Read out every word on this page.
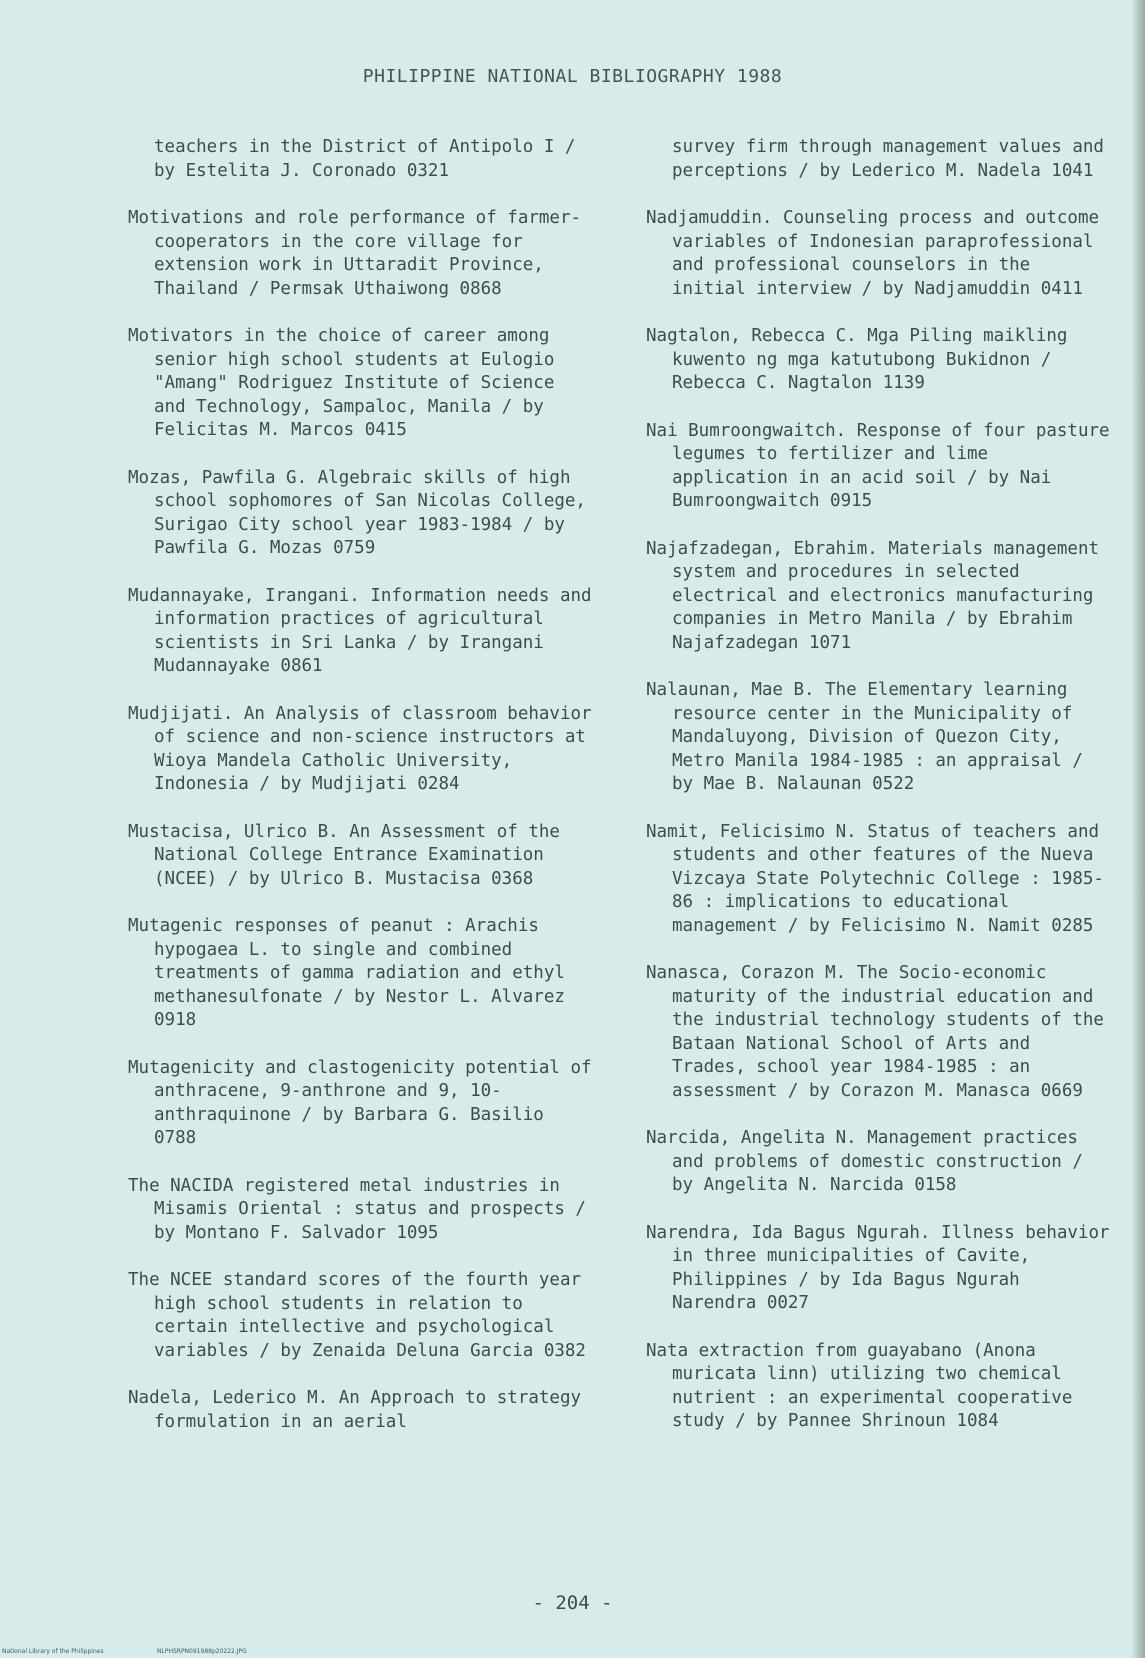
PHILIPPINE NATIONAL BIBLIOGRAPHY 1988
teachers in the District of Antipolo I / by Estelita J. Coronado 0321
Motivations and role performance of farmer-cooperators in the core village for extension work in Uttaradit Province, Thailand / Permsak Uthaiwong 0868
Motivators in the choice of career among senior high school students at Eulogio "Amang" Rodriguez Institute of Science and Technology, Sampaloc, Manila / by Felicitas M. Marcos 0415
Mozas, Pawfila G. Algebraic skills of high school sophomores of San Nicolas College, Surigao City school year 1983-1984 / by Pawfila G. Mozas 0759
Mudannayake, Irangani. Information needs and information practices of agricultural scientists in Sri Lanka / by Irangani Mudannayake 0861
Mudjijati. An Analysis of classroom behavior of science and non-science instructors at Wioya Mandela Catholic University, Indonesia / by Mudjijati 0284
Mustacisa, Ulrico B. An Assessment of the National College Entrance Examination (NCEE) / by Ulrico B. Mustacisa 0368
Mutagenic responses of peanut : Arachis hypogaea L. to single and combined treatments of gamma radiation and ethyl methanesulfonate / by Nestor L. Alvarez 0918
Mutagenicity and clastogenicity potential of anthracene, 9-anthrone and 9, 10-anthraquinone / by Barbara G. Basilio 0788
The NACIDA registered metal industries in Misamis Oriental : status and prospects / by Montano F. Salvador 1095
The NCEE standard scores of the fourth year high school students in relation to certain intellective and psychological variables / by Zenaida Deluna Garcia 0382
Nadela, Lederico M. An Approach to strategy formulation in an aerial
survey firm through management values and perceptions / by Lederico M. Nadela 1041
Nadjamuddin. Counseling process and outcome variables of Indonesian paraprofessional and professional counselors in the initial interview / by Nadjamuddin 0411
Nagtalon, Rebecca C. Mga Piling maikling kuwento ng mga katutubong Bukidnon / Rebecca C. Nagtalon 1139
Nai Bumroongwaitch. Response of four pasture legumes to fertilizer and lime application in an acid soil / by Nai Bumroongwaitch 0915
Najafzadegan, Ebrahim. Materials management system and procedures in selected electrical and electronics manufacturing companies in Metro Manila / by Ebrahim Najafzadegan 1071
Nalaunan, Mae B. The Elementary learning resource center in the Municipality of Mandaluyong, Division of Quezon City, Metro Manila 1984-1985 : an appraisal / by Mae B. Nalaunan 0522
Namit, Felicisimo N. Status of teachers and students and other features of the Nueva Vizcaya State Polytechnic College : 1985-86 : implications to educational management / by Felicisimo N. Namit 0285
Nanasca, Corazon M. The Socio-economic maturity of the industrial education and the industrial technology students of the Bataan National School of Arts and Trades, school year 1984-1985 : an assessment / by Corazon M. Manasca 0669
Narcida, Angelita N. Management practices and problems of domestic construction / by Angelita N. Narcida 0158
Narendra, Ida Bagus Ngurah. Illness behavior in three municipalities of Cavite, Philippines / by Ida Bagus Ngurah Narendra 0027
Nata extraction from guayabano (Anona muricata linn) utilizing two chemical nutrient : an experimental cooperative study / by Pannee Shrinoun 1084
- 204 -
National Library of the Philippines	NLPHSRPN091988p20222.JPG
